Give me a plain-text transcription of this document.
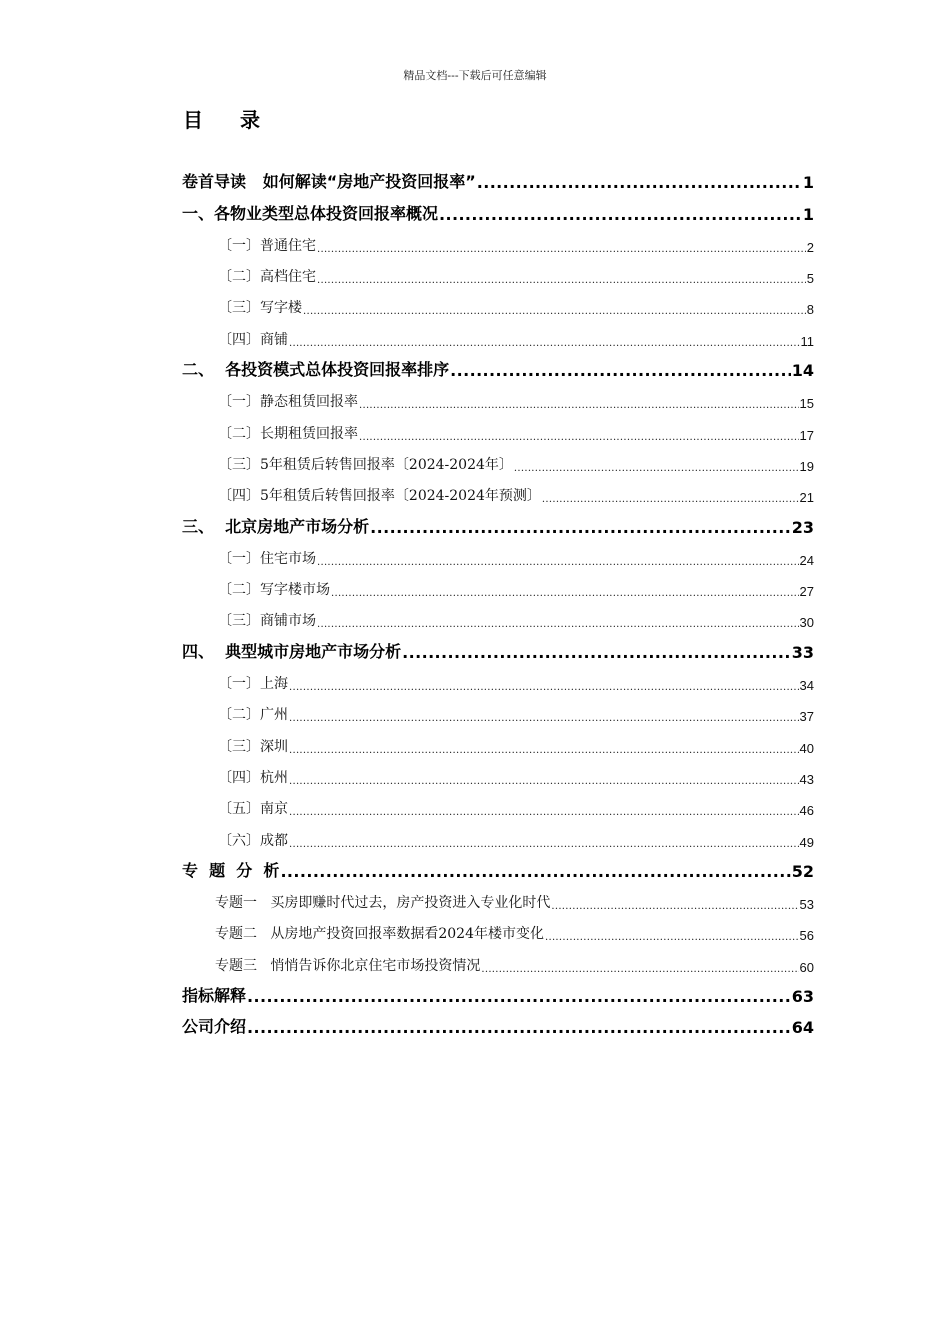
精品文档---下载后可任意编辑
目 录
卷首导读   如何解读“房地产投资回报率” .....	1
一、各物业类型总体投资回报率概况 .....	1
〔一〕普通住宅 .....	2
〔二〕高档住宅 .....	5
〔三〕写字楼 .....	8
〔四〕商铺 .....	11
二、  各投资模式总体投资回报率排序 .....	14
〔一〕静态租赁回报率 .....	15
〔二〕长期租赁回报率 .....	17
〔三〕5年租赁后转售回报率〔2024-2024年〕 .....	19
〔四〕5年租赁后转售回报率〔2024-2024年预测〕 .....	21
三、  北京房地产市场分析 .....	23
〔一〕住宅市场 .....	24
〔二〕写字楼市场 .....	27
〔三〕商铺市场 .....	30
四、  典型城市房地产市场分析 .....	33
〔一〕上海 .....	34
〔二〕广州 .....	37
〔三〕深圳 .....	40
〔四〕杭州 .....	43
〔五〕南京 .....	46
〔六〕成都 .....	49
专  题  分  析 .....	52
专题一   买房即赚时代过去，房产投资进入专业化时代 .....	53
专题二   从房地产投资回报率数据看2024年楼市变化 .....	56
专题三   悄悄告诉你北京住宅市场投资情况 .....	60
指标解释 .....	63
公司介绍 .....	64
